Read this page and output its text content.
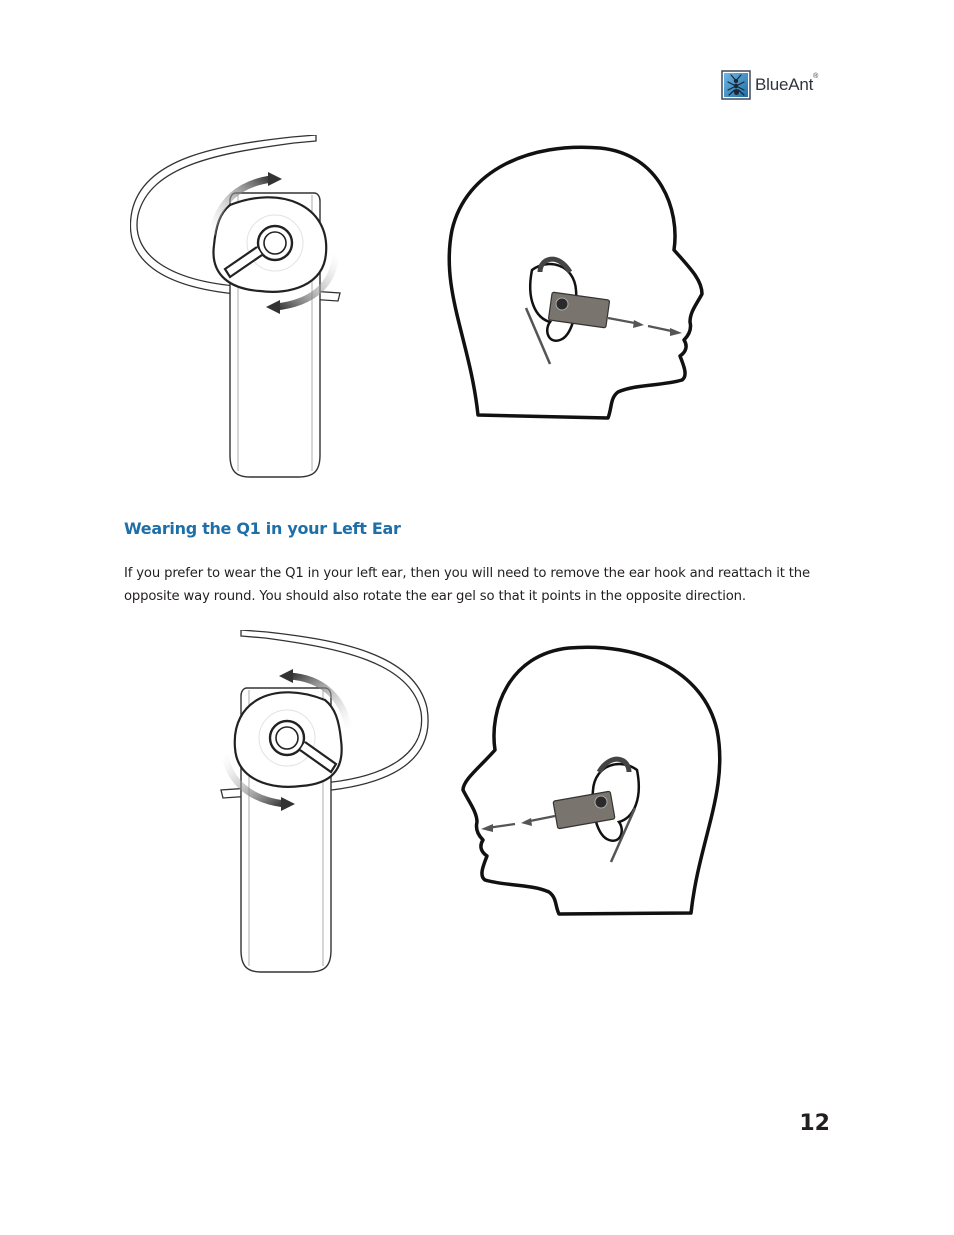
BlueAnt®
Wearing the Q1 in your Left Ear

If you prefer to wear the Q1 in your left ear, then you will need to remove the ear hook and reattach it the opposite way round. You should also rotate the ear gel so that it points in the opposite direction.

12
